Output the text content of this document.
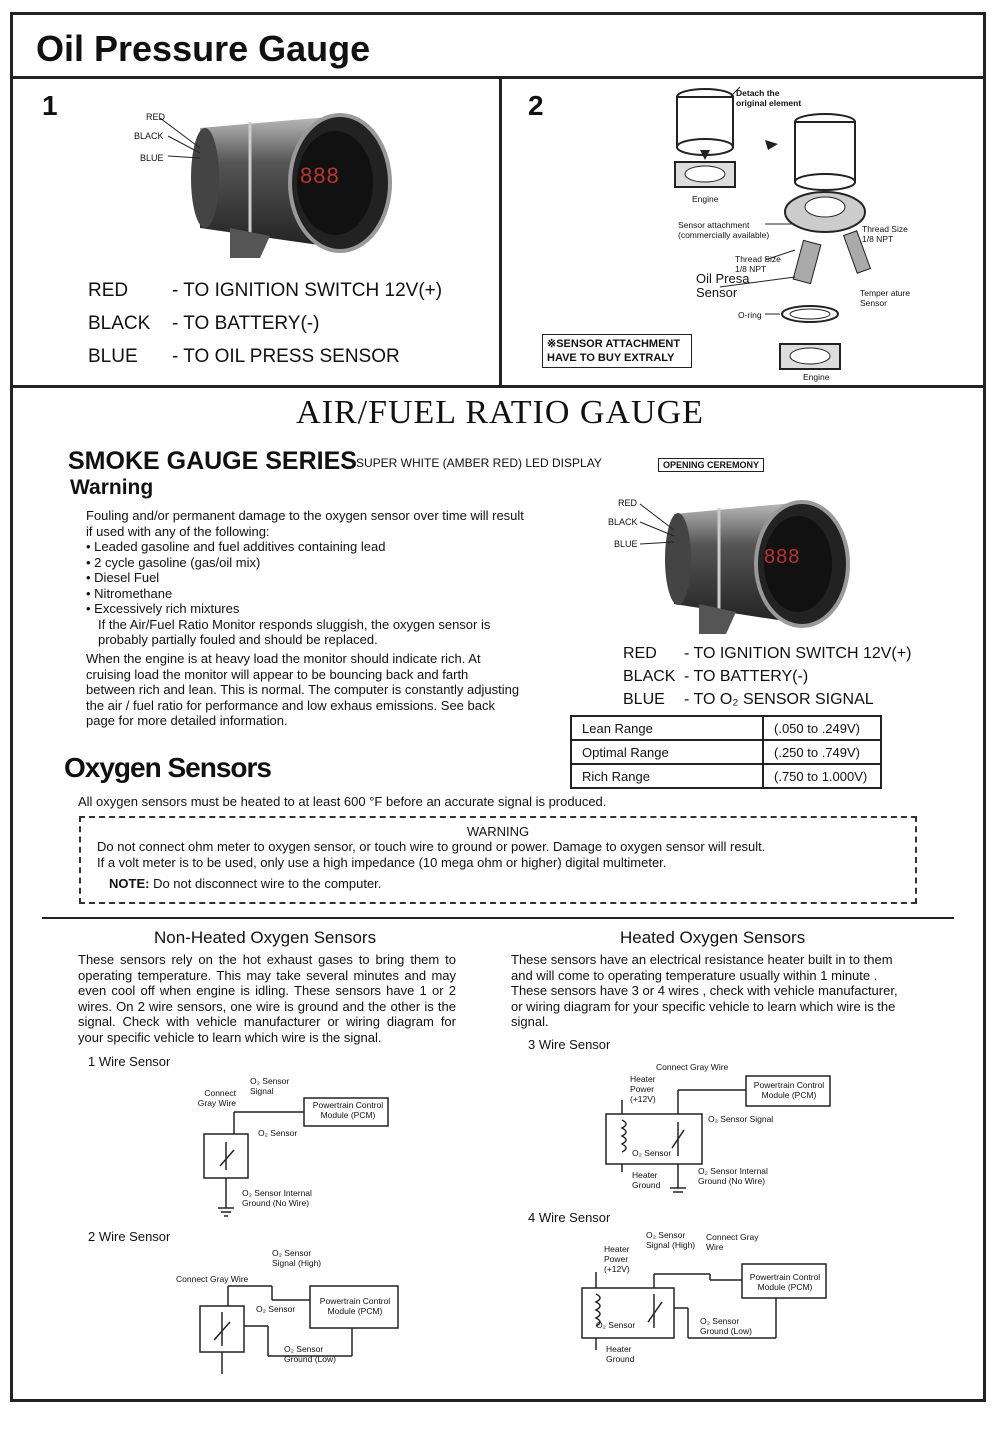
Oil Pressure Gauge
1	2
RED
BLACK
BLUE
888
RED - TO IGNITION SWITCH 12V(+)
BLACK - TO BATTERY(-)
BLUE - TO OIL PRESS SENSOR
Detach the original element
Engine
Sensor attachment (commercially available)
Thread Size 1/8 NPT
Thread Size 1/8 NPT
Oil Presa Sensor	Temper ature Sensor
O-ring
Engine
※SENSOR ATTACHMENT HAVE TO BUY EXTRALY
AIR/FUEL RATIO GAUGE
SMOKE GAUGE SERIES SUPER WHITE (AMBER RED) LED DISPLAY	OPENING CEREMONY
Warning
Fouling and/or permanent damage to the oxygen sensor over time will result if used with any of the following:
• Leaded gasoline and fuel additives containing lead
• 2 cycle gasoline (gas/oil mix)
• Diesel Fuel
• Nitromethane
• Excessively rich mixtures
If the Air/Fuel Ratio Monitor responds sluggish, the oxygen sensor is probably partially fouled and should be replaced.
When the engine is at heavy load the monitor should indicate rich. At cruising load the monitor will appear to be bouncing back and farth between rich and lean. This is normal. The computer is constantly adjusting the air / fuel ratio for performance and low exhaus emissions. See back page for more detailed information.
RED
BLACK
BLUE
888
RED - TO IGNITION SWITCH 12V(+)
BLACK - TO BATTERY(-)
BLUE - TO O₂ SENSOR SIGNAL
Lean Range	(.050 to .249V)
Optimal Range	(.250 to .749V)
Rich Range	(.750 to 1.000V)
Oxygen Sensors
All oxygen sensors must be heated to at least 600 °F before an accurate signal is produced.
WARNING
Do not connect ohm meter to oxygen sensor, or touch wire to ground or power. Damage to oxygen sensor will result.
If a volt meter is to be used, only use a high impedance (10 mega ohm or higher) digital multimeter.
NOTE: Do not disconnect wire to the computer.
Non-Heated Oxygen Sensors
These sensors rely on the hot exhaust gases to bring them to operating temperature. This may take several minutes and may even cool off when engine is idling. These sensors have 1 or 2 wires. On 2 wire sensors, one wire is ground and the other is the signal. Check with vehicle manufacturer or wiring diagram for your specific vehicle to learn which wire is the signal.
Heated Oxygen Sensors
These sensors have an electrical resistance heater built in to them and will come to operating temperature usually within 1 minute . These sensors have 3 or 4 wires , check with vehicle manufacturer, or wiring diagram for your specific vehicle to learn which wire is the signal.
1 Wire Sensor
Connect Gray Wire
O₂ Sensor Signal
Powertrain Control Module (PCM)
O₂ Sensor
O₂ Sensor Internal Ground (No Wire)
2 Wire Sensor
Connect Gray Wire
O₂ Sensor Signal (High)
Powertrain Control Module (PCM)
O₂ Sensor
O₂ Sensor Ground (Low)
3 Wire Sensor
Connect Gray Wire
Heater Power (+12V)
Powertrain Control Module (PCM)
O₂ Sensor Signal
O₂ Sensor
Heater Ground
O₂ Sensor Internal Ground (No Wire)
4 Wire Sensor
Heater Power (+12V)
O₂ Sensor Signal (High)
Connect Gray Wire
Powertrain Control Module (PCM)
O₂ Sensor	O₂ Sensor Ground (Low)
Heater Ground
